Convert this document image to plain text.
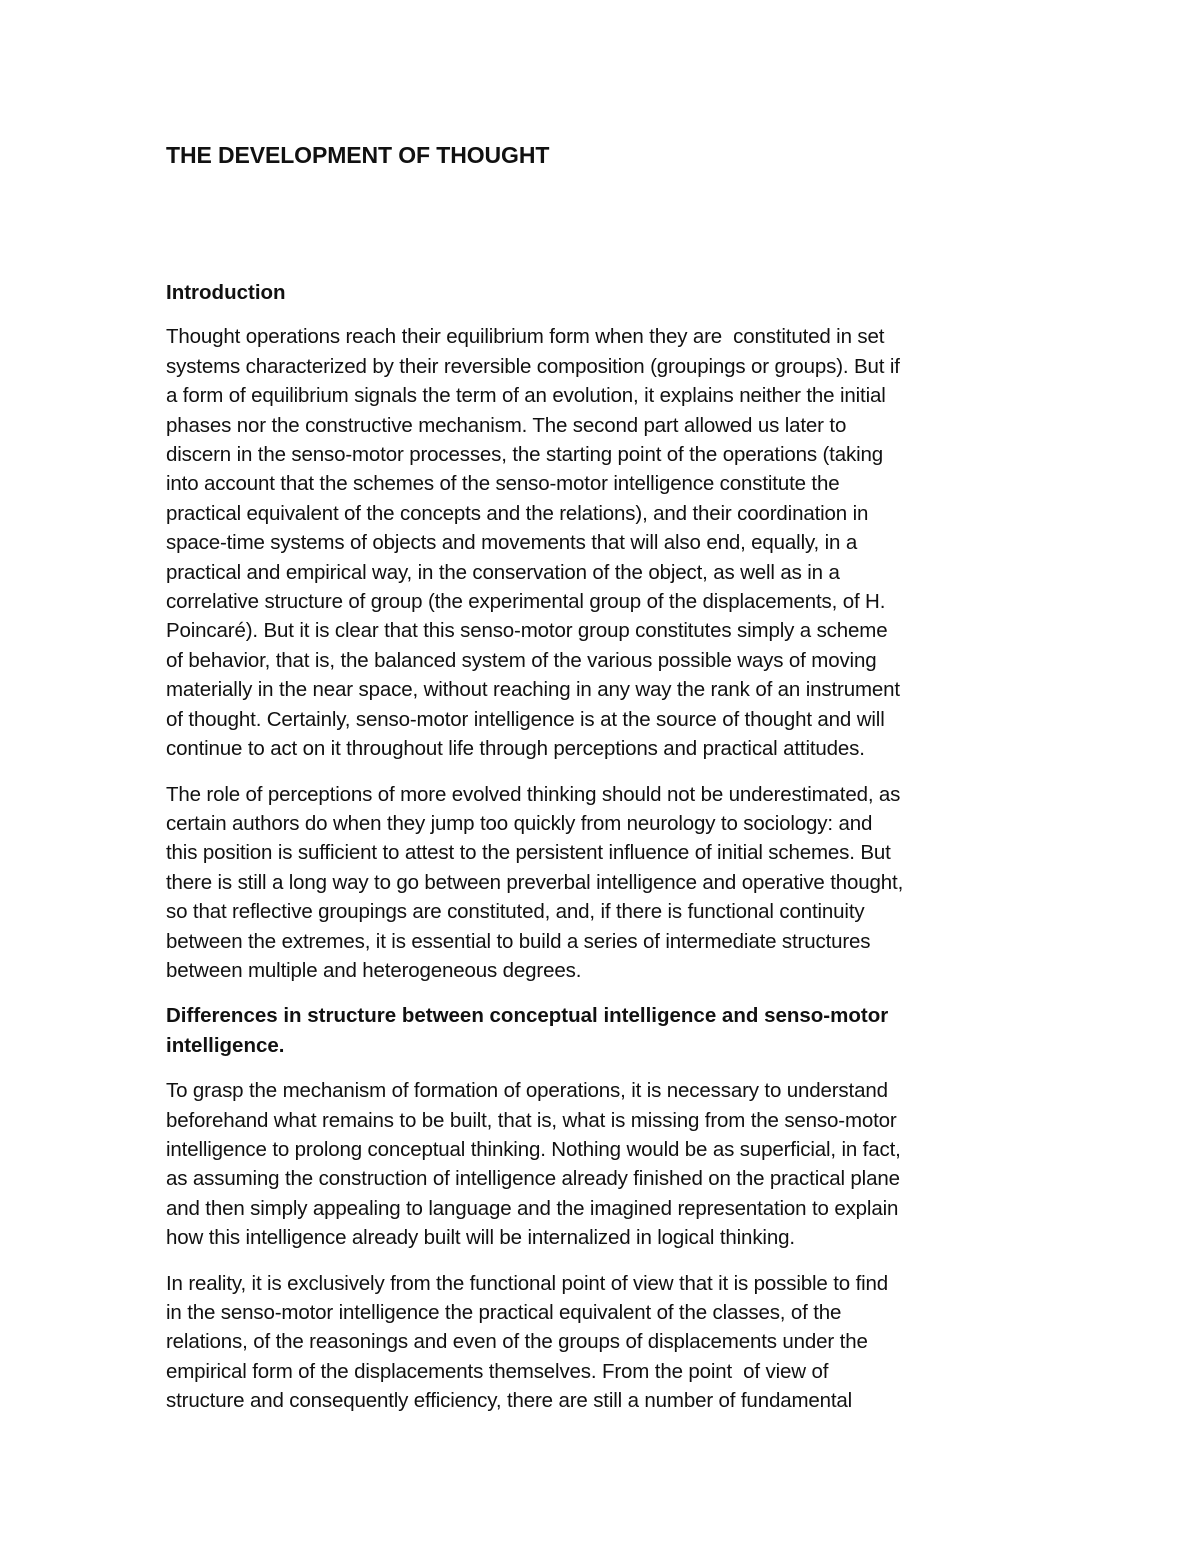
THE DEVELOPMENT OF THOUGHT
Introduction

Thought operations reach their equilibrium form when they are  constituted in set
systems characterized by their reversible composition (groupings or groups). But if
a form of equilibrium signals the term of an evolution, it explains neither the initial
phases nor the constructive mechanism. The second part allowed us later to
discern in the senso-motor processes, the starting point of the operations (taking
into account that the schemes of the senso-motor intelligence constitute the
practical equivalent of the concepts and the relations), and their coordination in
space-time systems of objects and movements that will also end, equally, in a
practical and empirical way, in the conservation of the object, as well as in a
correlative structure of group (the experimental group of the displacements, of H.
Poincaré). But it is clear that this senso-motor group constitutes simply a scheme
of behavior, that is, the balanced system of the various possible ways of moving
materially in the near space, without reaching in any way the rank of an instrument
of thought. Certainly, senso-motor intelligence is at the source of thought and will
continue to act on it throughout life through perceptions and practical attitudes.

The role of perceptions of more evolved thinking should not be underestimated, as
certain authors do when they jump too quickly from neurology to sociology: and
this position is sufficient to attest to the persistent influence of initial schemes. But
there is still a long way to go between preverbal intelligence and operative thought,
so that reflective groupings are constituted, and, if there is functional continuity
between the extremes, it is essential to build a series of intermediate structures
between multiple and heterogeneous degrees.

Differences in structure between conceptual intelligence and senso-motor
intelligence.

To grasp the mechanism of formation of operations, it is necessary to understand
beforehand what remains to be built, that is, what is missing from the senso-motor
intelligence to prolong conceptual thinking. Nothing would be as superficial, in fact,
as assuming the construction of intelligence already finished on the practical plane
and then simply appealing to language and the imagined representation to explain
how this intelligence already built will be internalized in logical thinking.

In reality, it is exclusively from the functional point of view that it is possible to find
in the senso-motor intelligence the practical equivalent of the classes, of the
relations, of the reasonings and even of the groups of displacements under the
empirical form of the displacements themselves. From the point  of view of
structure and consequently efficiency, there are still a number of fundamental
